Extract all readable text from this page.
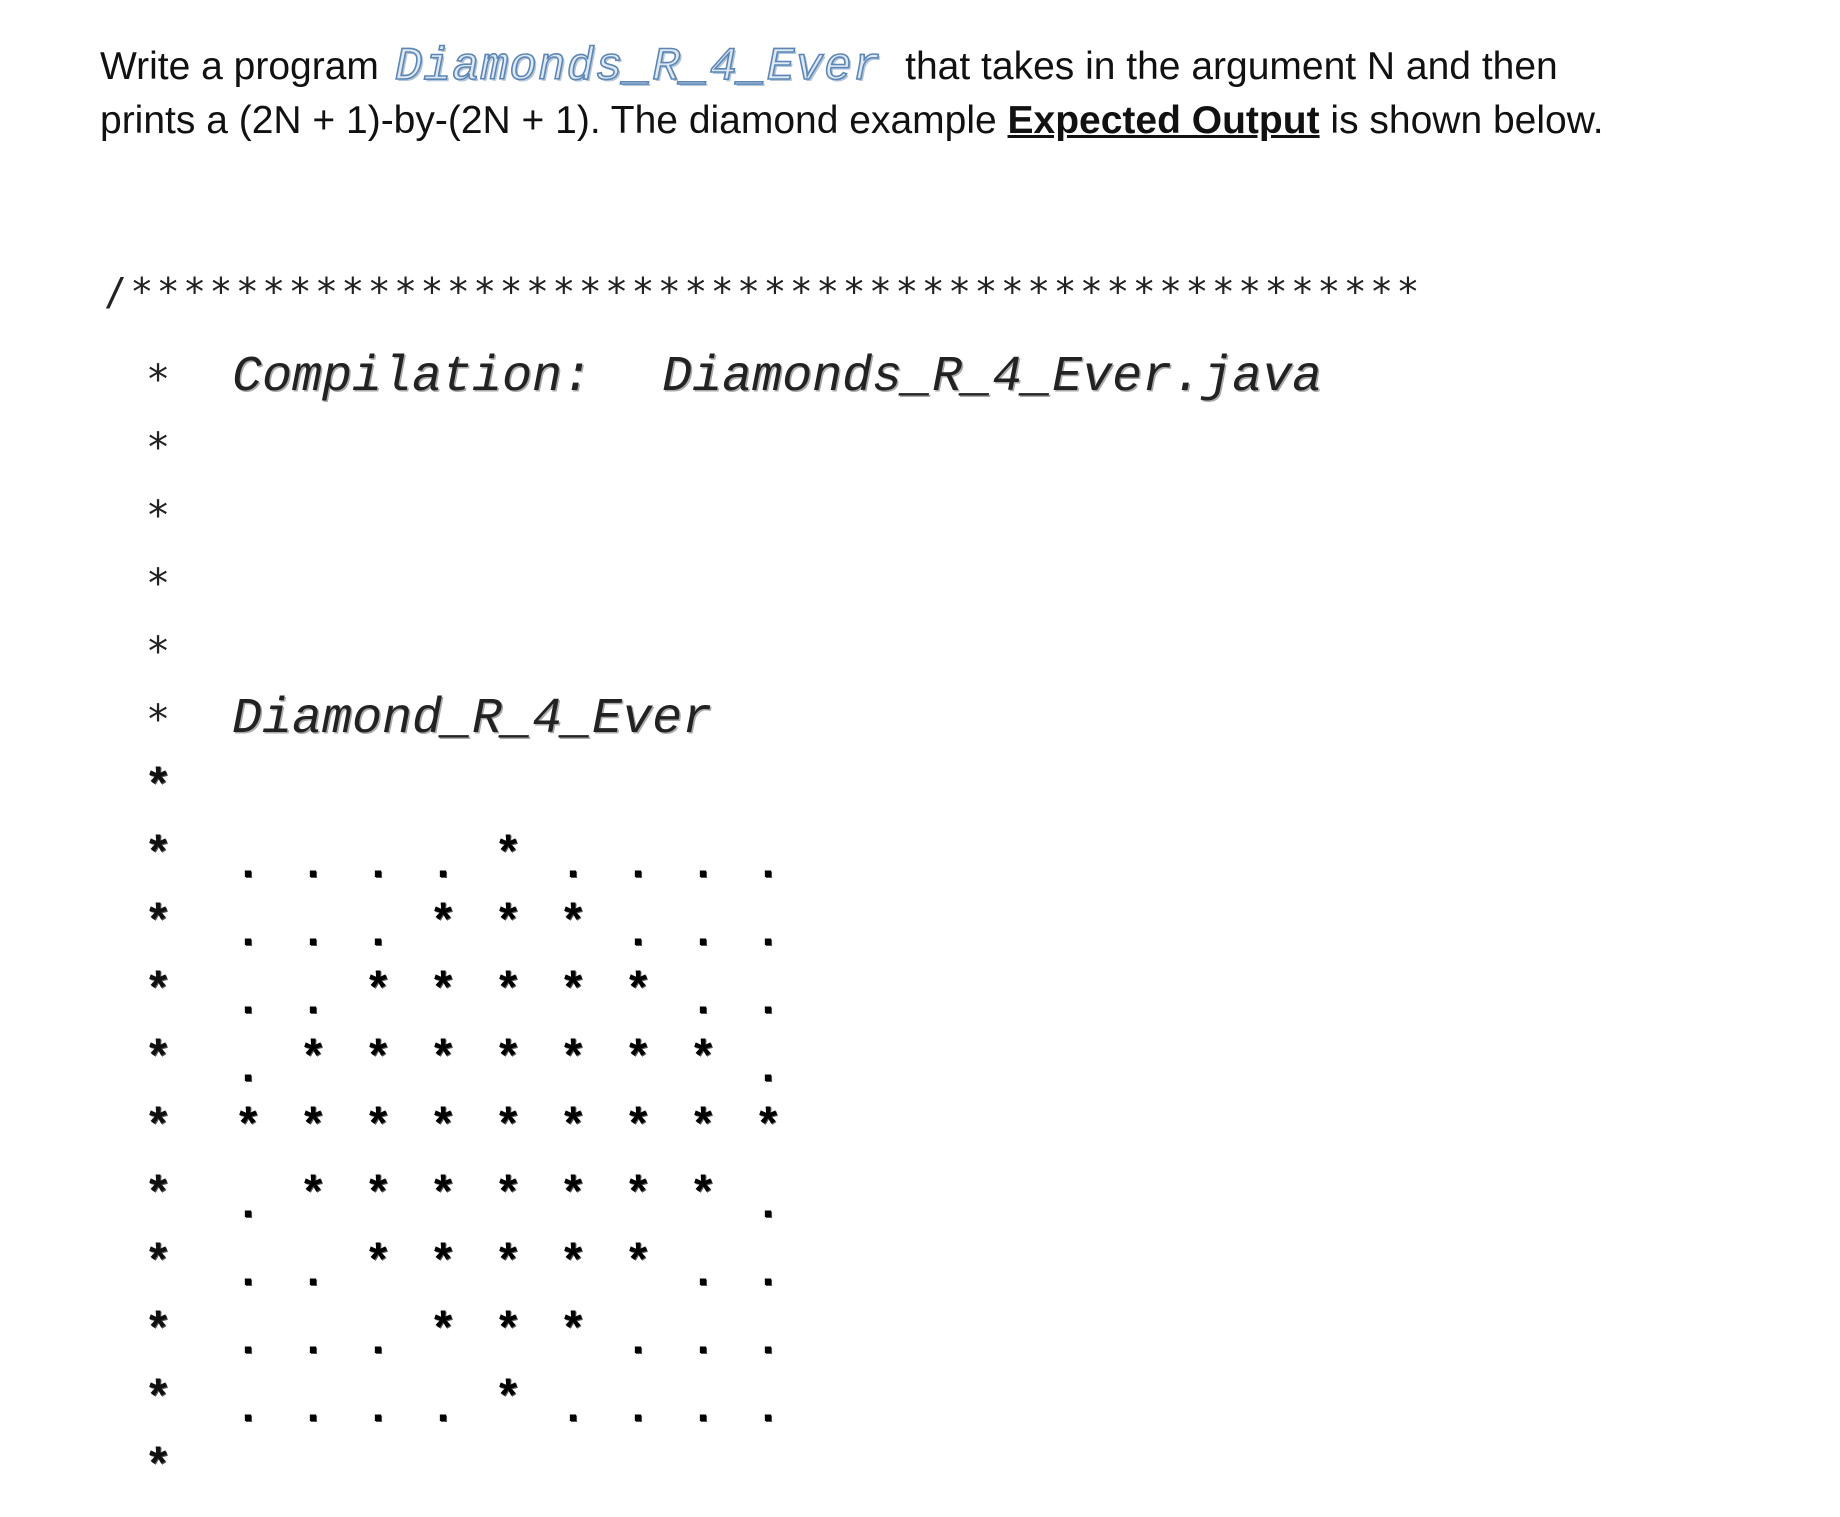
Write a program Diamonds_R_4_Ever that takes in the argument N and then
prints a (2N + 1)-by-(2N + 1). The diamond example Expected Output is shown below.
/*************************************************
Compilation: Diamonds_R_4_Ever.java
Diamond_R_4_Ever
*
*
*
*
*
*
*
*
*
*
*
*
*
*
*
*
*
. . . . * . . . .
. . . * * * . . .
. . * * * * * . .
. * * * * * * * .
* * * * * * * * *
. * * * * * * * .
. . * * * * * . .
. . . * * * . . .
. . . . * . . . .
